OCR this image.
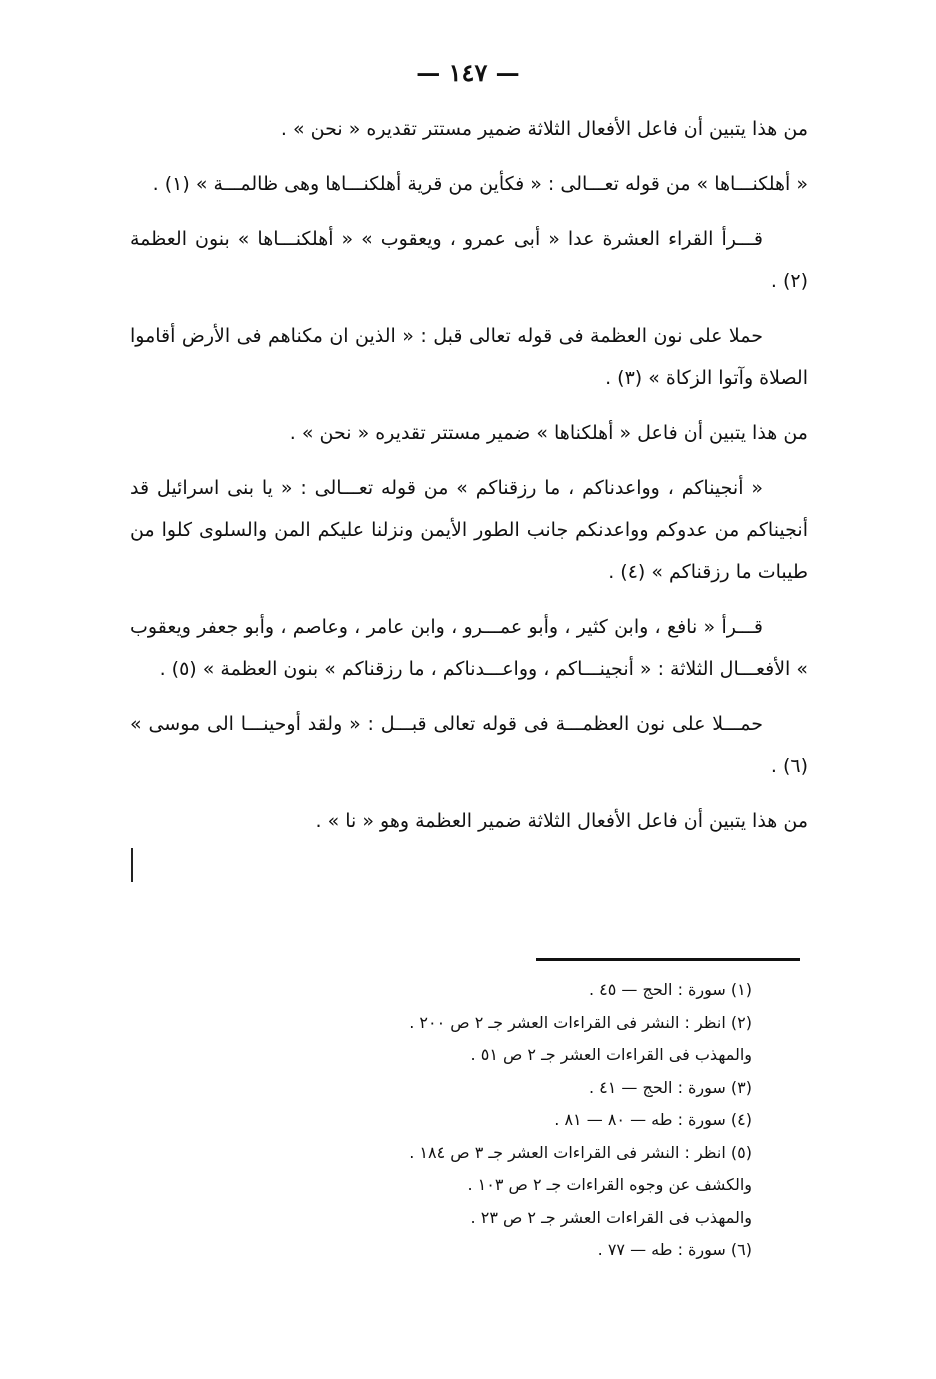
— ١٤٧ —

من هذا يتبين أن فاعل الأفعال الثلاثة ضمير مستتر تقديره « نحن » .

« أهلكنـــاها » من قوله تعـــالى : « فكأين من قرية أهلكنـــاها وهى ظالمـــة » (١) .

قـــرأ القراء العشرة عدا « أبى عمرو ، ويعقوب » « أهلكنـــاها » بنون العظمة (٢) .

حملا على نون العظمة فى قوله تعالى قبل : « الذين ان مكناهم فى الأرض أقاموا الصلاة وآتوا الزكاة » (٣) .

من هذا يتبين أن فاعل « أهلكناها » ضمير مستتر تقديره « نحن » .

« أنجيناكم ، وواعدناكم ، ما رزقناكم » من قوله تعـــالى : « يا بنى اسرائيل قد أنجيناكم من عدوكم وواعدنكم جانب الطور الأيمن ونزلنا عليكم المن والسلوى كلوا من طيبات ما رزقناكم » (٤) .

قـــرأ « نافع ، وابن كثير ، وأبو عمـــرو ، وابن عامر ، وعاصم ، وأبو جعفر ويعقوب » الأفعـــال الثلاثة : « أنجينـــاكم ، وواعـــدناكم ، ما رزقناكم » بنون العظمة » (٥) .

حمـــلا على نون العظمـــة فى قوله تعالى قبـــل : « ولقد أوحينـــا الى موسى » (٦) .

من هذا يتبين أن فاعل الأفعال الثلاثة ضمير العظمة وهو « نا » .

(١) سورة : الحج — ٤٥ .
(٢) انظر : النشر فى القراءات العشر جـ ٢ ص ٢٠٠ .
والمهذب فى القراءات العشر جـ ٢ ص ٥١ .
(٣) سورة : الحج — ٤١ .
(٤) سورة : طه — ٨٠ — ٨١ .
(٥) انظر : النشر فى القراءات العشر جـ ٣ ص ١٨٤ .
والكشف عن وجوه القراءات جـ ٢ ص ١٠٣ .
والمهذب فى القراءات العشر جـ ٢ ص ٢٣ .
(٦) سورة : طه — ٧٧ .
